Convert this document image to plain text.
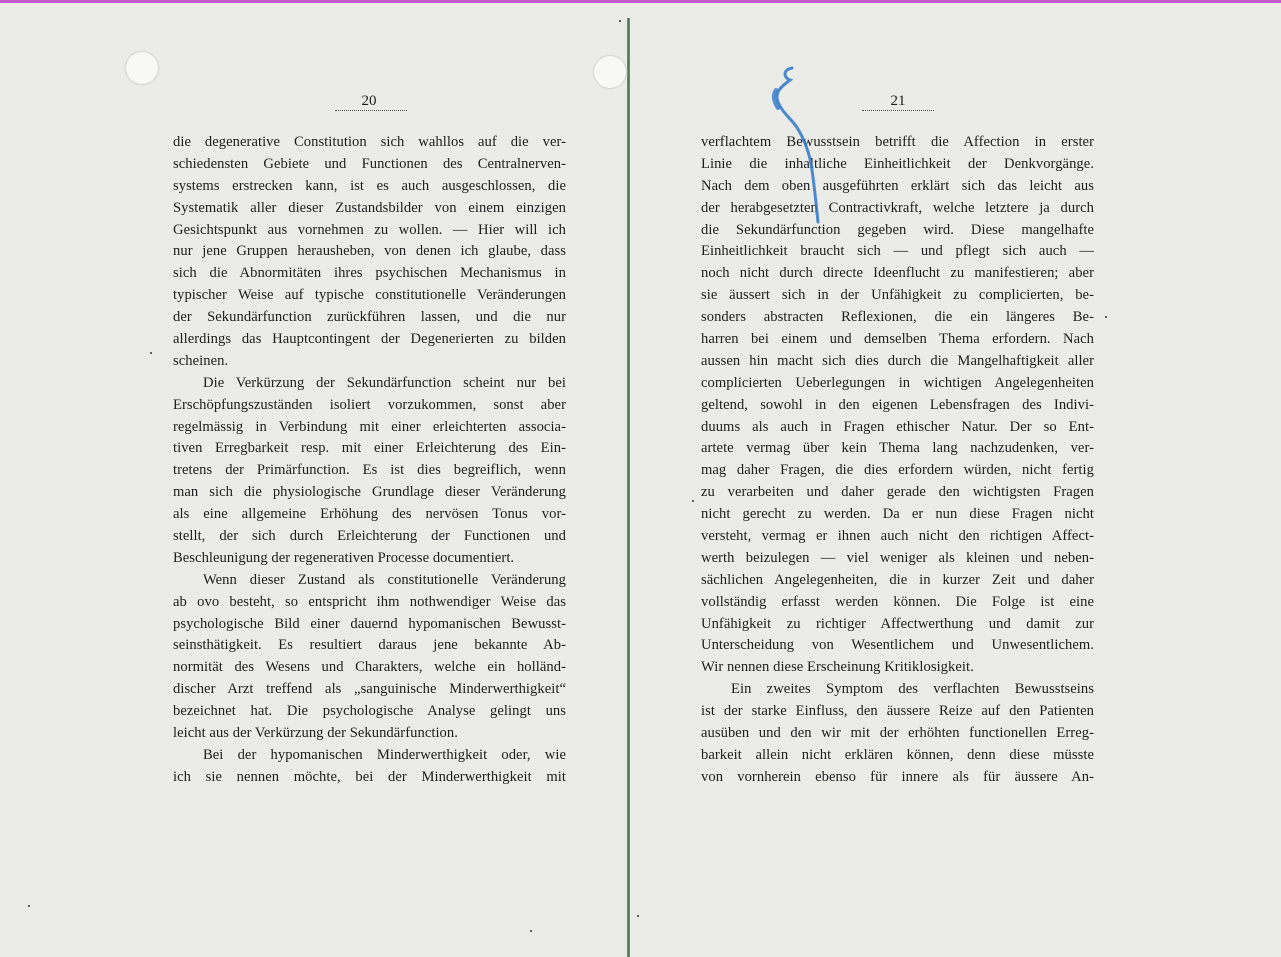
20	21
die degenerative Constitution sich wahllos auf die ver-
schiedensten Gebiete und Functionen des Centralnerven-
systems erstrecken kann, ist es auch ausgeschlossen, die
Systematik aller dieser Zustandsbilder von einem einzigen
Gesichtspunkt aus vornehmen zu wollen. — Hier will ich
nur jene Gruppen herausheben, von denen ich glaube, dass
sich die Abnormitäten ihres psychischen Mechanismus in
typischer Weise auf typische constitutionelle Veränderungen
der Sekundärfunction zurückführen lassen, und die nur
allerdings das Hauptcontingent der Degenerierten zu bilden
scheinen.
Die Verkürzung der Sekundärfunction scheint nur bei
Erschöpfungszuständen isoliert vorzukommen, sonst aber
regelmässig in Verbindung mit einer erleichterten associa-
tiven Erregbarkeit resp. mit einer Erleichterung des Ein-
tretens der Primärfunction. Es ist dies begreiflich, wenn
man sich die physiologische Grundlage dieser Veränderung
als eine allgemeine Erhöhung des nervösen Tonus vor-
stellt, der sich durch Erleichterung der Functionen und
Beschleunigung der regenerativen Processe documentiert.
Wenn dieser Zustand als constitutionelle Veränderung
ab ovo besteht, so entspricht ihm nothwendiger Weise das
psychologische Bild einer dauernd hypomanischen Bewusst-
seinsthätigkeit. Es resultiert daraus jene bekannte Ab-
normität des Wesens und Charakters, welche ein holländ-
discher Arzt treffend als „sanguinische Minderwerthigkeit“
bezeichnet hat. Die psychologische Analyse gelingt uns
leicht aus der Verkürzung der Sekundärfunction.
Bei der hypomanischen Minderwerthigkeit oder, wie
ich sie nennen möchte, bei der Minderwerthigkeit mit
verflachtem Bewusstsein betrifft die Affection in erster
Linie die inhaltliche Einheitlichkeit der Denkvorgänge.
Nach dem oben ausgeführten erklärt sich das leicht aus
der herabgesetzten Contractivkraft, welche letztere ja durch
die Sekundärfunction gegeben wird. Diese mangelhafte
Einheitlichkeit braucht sich — und pflegt sich auch —
noch nicht durch directe Ideenflucht zu manifestieren; aber
sie äussert sich in der Unfähigkeit zu complicierten, be-
sonders abstracten Reflexionen, die ein längeres Be-
harren bei einem und demselben Thema erfordern. Nach
aussen hin macht sich dies durch die Mangelhaftigkeit aller
complicierten Ueberlegungen in wichtigen Angelegenheiten
geltend, sowohl in den eigenen Lebensfragen des Indivi-
duums als auch in Fragen ethischer Natur. Der so Ent-
artete vermag über kein Thema lang nachzudenken, ver-
mag daher Fragen, die dies erfordern würden, nicht fertig
zu verarbeiten und daher gerade den wichtigsten Fragen
nicht gerecht zu werden. Da er nun diese Fragen nicht
versteht, vermag er ihnen auch nicht den richtigen Affect-
werth beizulegen — viel weniger als kleinen und neben-
sächlichen Angelegenheiten, die in kurzer Zeit und daher
vollständig erfasst werden können. Die Folge ist eine
Unfähigkeit zu richtiger Affectwerthung und damit zur
Unterscheidung von Wesentlichem und Unwesentlichem.
Wir nennen diese Erscheinung Kritiklosigkeit.
Ein zweites Symptom des verflachten Bewusstseins
ist der starke Einfluss, den äussere Reize auf den Patienten
ausüben und den wir mit der erhöhten functionellen Erreg-
barkeit allein nicht erklären können, denn diese müsste
von vornherein ebenso für innere als für äussere An-
